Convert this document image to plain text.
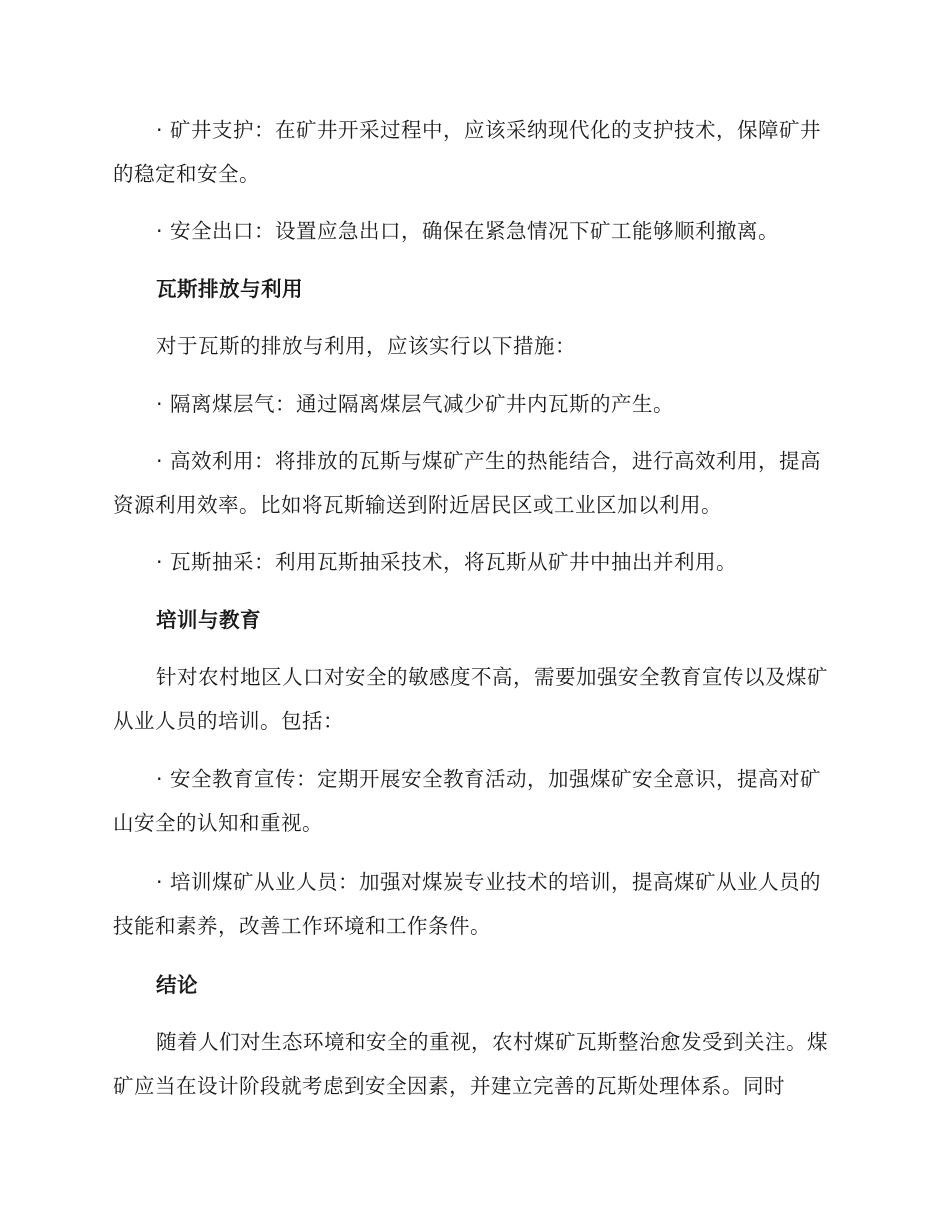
· 矿井支护：在矿井开采过程中，应该采纳现代化的支护技术，保障矿井的稳定和安全。

· 安全出口：设置应急出口，确保在紧急情况下矿工能够顺利撤离。

瓦斯排放与利用

对于瓦斯的排放与利用，应该实行以下措施：

· 隔离煤层气：通过隔离煤层气减少矿井内瓦斯的产生。

· 高效利用：将排放的瓦斯与煤矿产生的热能结合，进行高效利用，提高资源利用效率。比如将瓦斯输送到附近居民区或工业区加以利用。

· 瓦斯抽采：利用瓦斯抽采技术，将瓦斯从矿井中抽出并利用。

培训与教育

针对农村地区人口对安全的敏感度不高，需要加强安全教育宣传以及煤矿从业人员的培训。包括：

· 安全教育宣传：定期开展安全教育活动，加强煤矿安全意识，提高对矿山安全的认知和重视。

· 培训煤矿从业人员：加强对煤炭专业技术的培训，提高煤矿从业人员的技能和素养，改善工作环境和工作条件。

结论

随着人们对生态环境和安全的重视，农村煤矿瓦斯整治愈发受到关注。煤矿应当在设计阶段就考虑到安全因素，并建立完善的瓦斯处理体系。同时
